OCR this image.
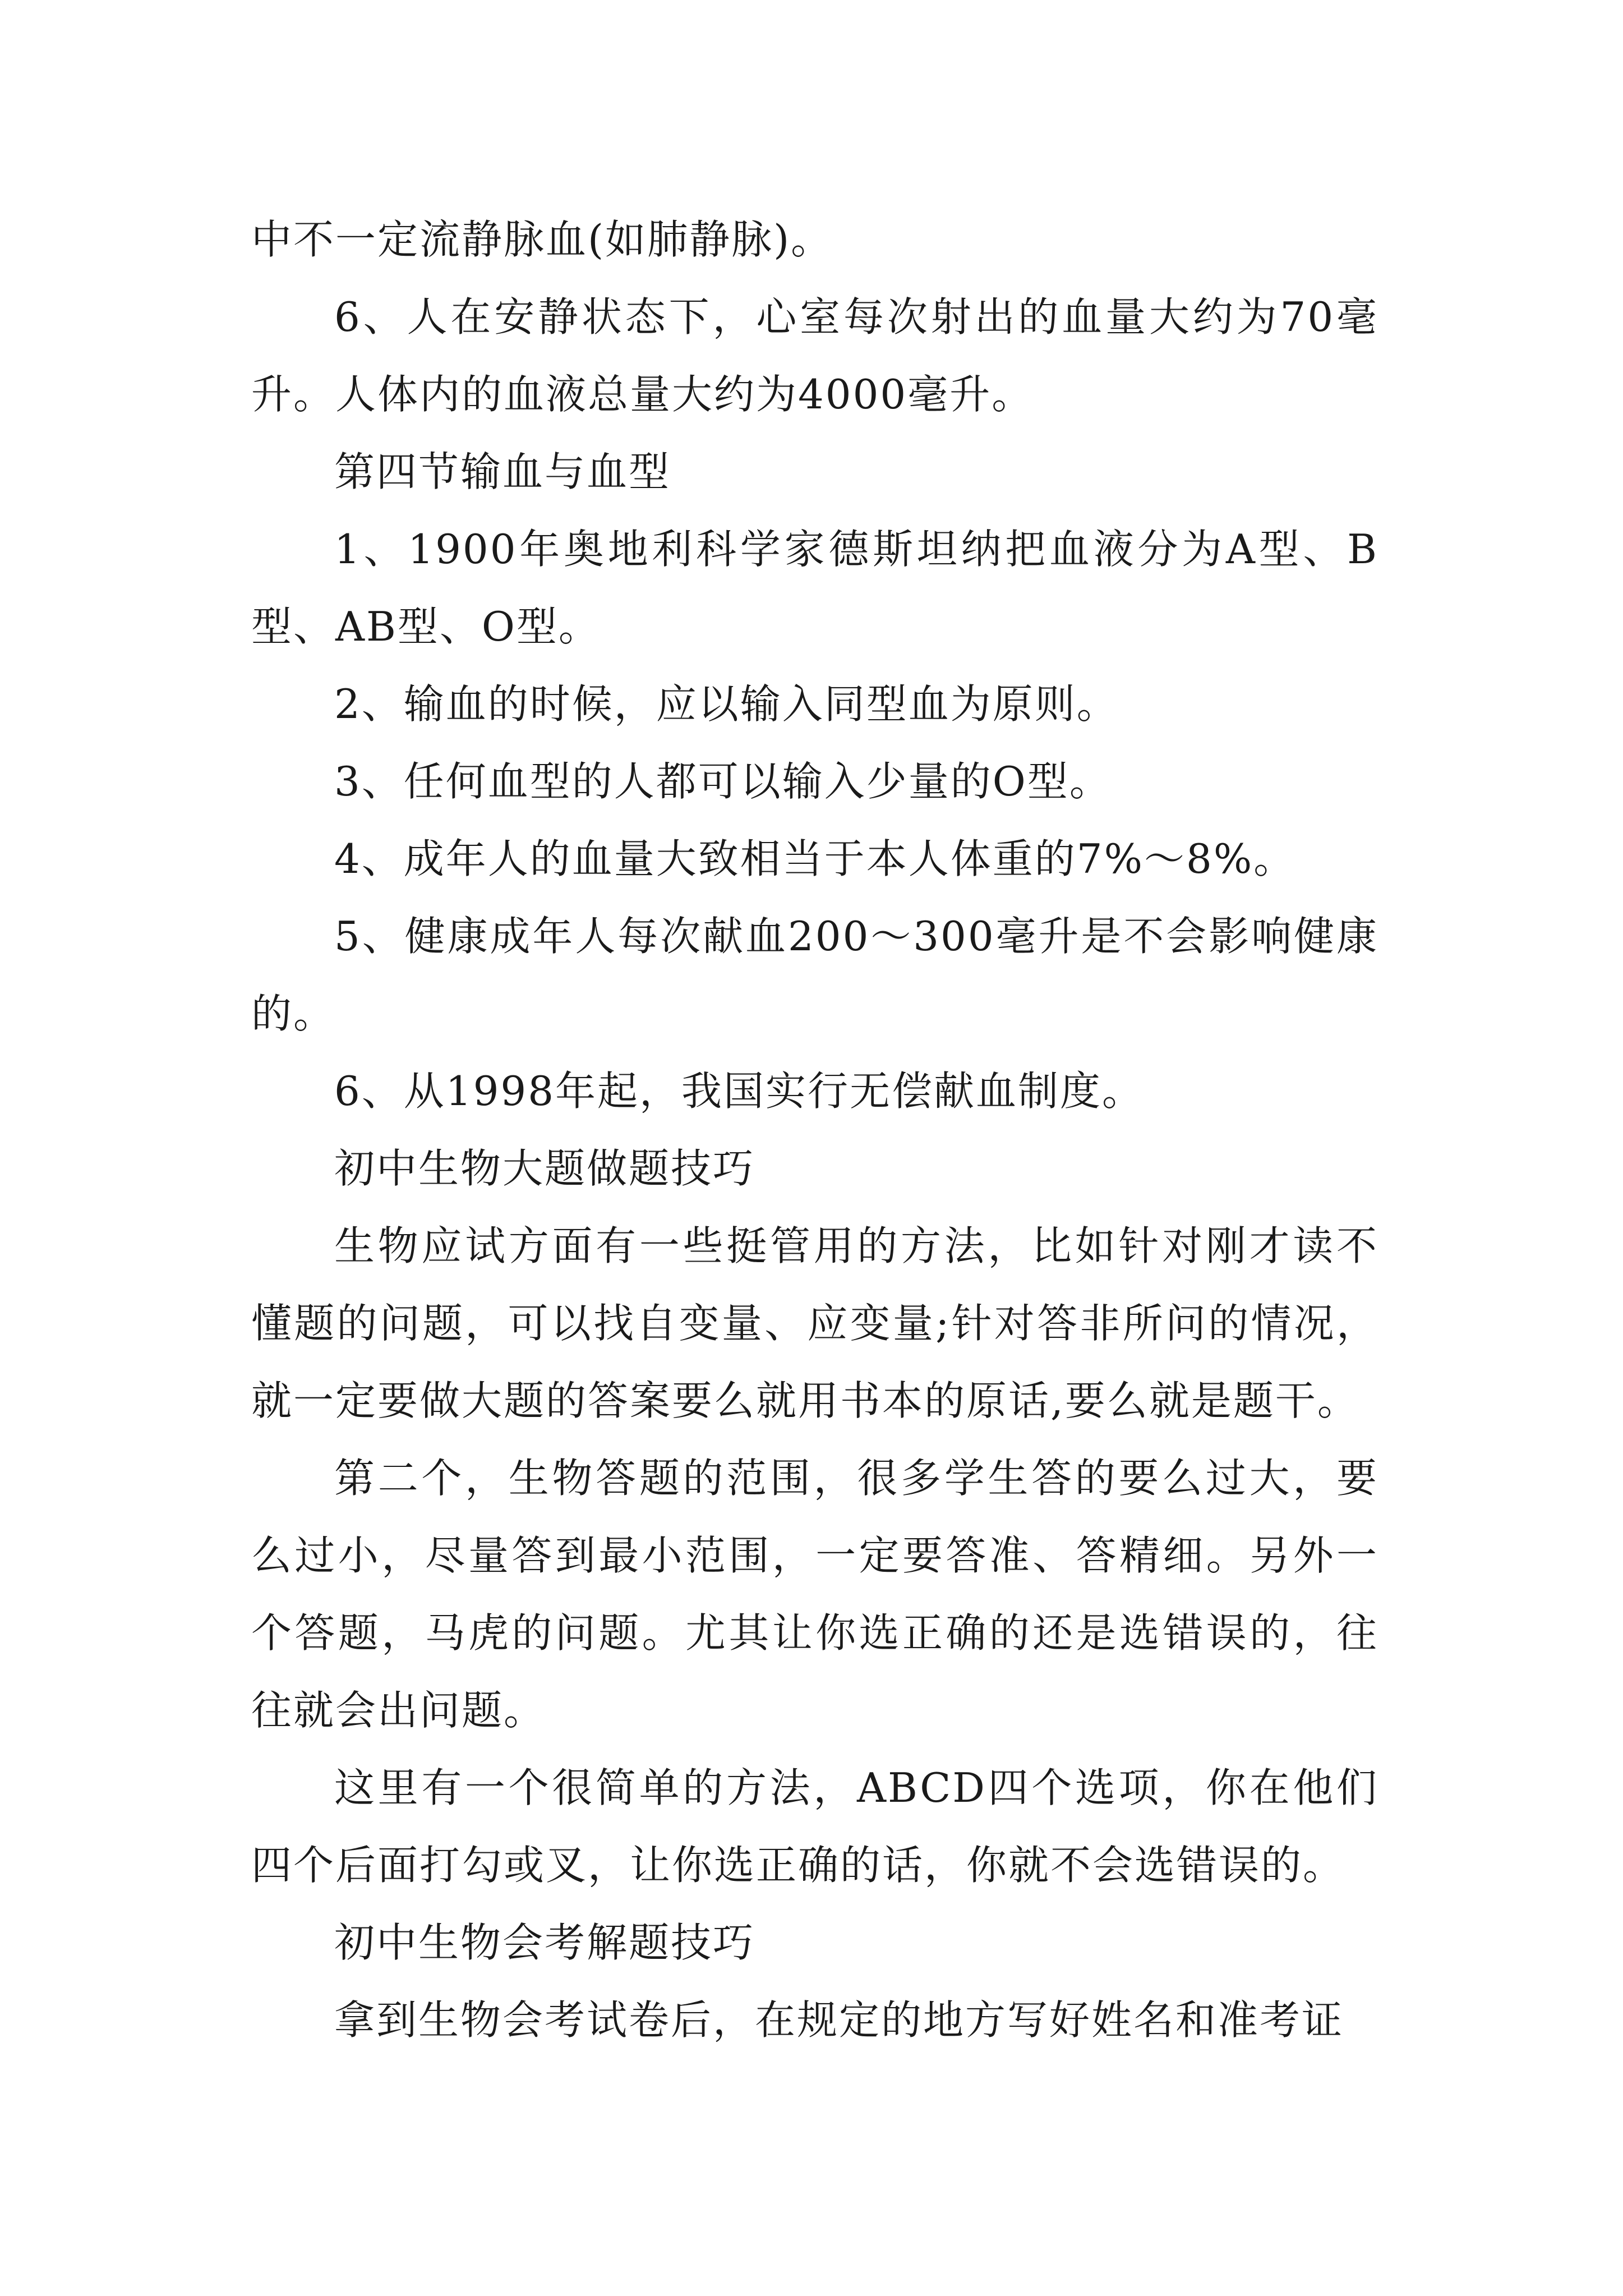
中不一定流静脉血(如肺静脉)。

6、人在安静状态下，心室每次射出的血量大约为70毫升。人体内的血液总量大约为4000毫升。

第四节输血与血型

1、1900年奥地利科学家德斯坦纳把血液分为A型、B型、AB型、O型。

2、输血的时候，应以输入同型血为原则。

3、任何血型的人都可以输入少量的O型。

4、成年人的血量大致相当于本人体重的7%～8%。

5、健康成年人每次献血200～300毫升是不会影响健康的。

6、从1998年起，我国实行无偿献血制度。

初中生物大题做题技巧

生物应试方面有一些挺管用的方法，比如针对刚才读不懂题的问题，可以找自变量、应变量;针对答非所问的情况，就一定要做大题的答案要么就用书本的原话,要么就是题干。

第二个，生物答题的范围，很多学生答的要么过大，要么过小，尽量答到最小范围，一定要答准、答精细。另外一个答题，马虎的问题。尤其让你选正确的还是选错误的，往往就会出问题。

这里有一个很简单的方法，ABCD四个选项，你在他们四个后面打勾或叉，让你选正确的话，你就不会选错误的。

初中生物会考解题技巧

拿到生物会考试卷后，在规定的地方写好姓名和准考证
